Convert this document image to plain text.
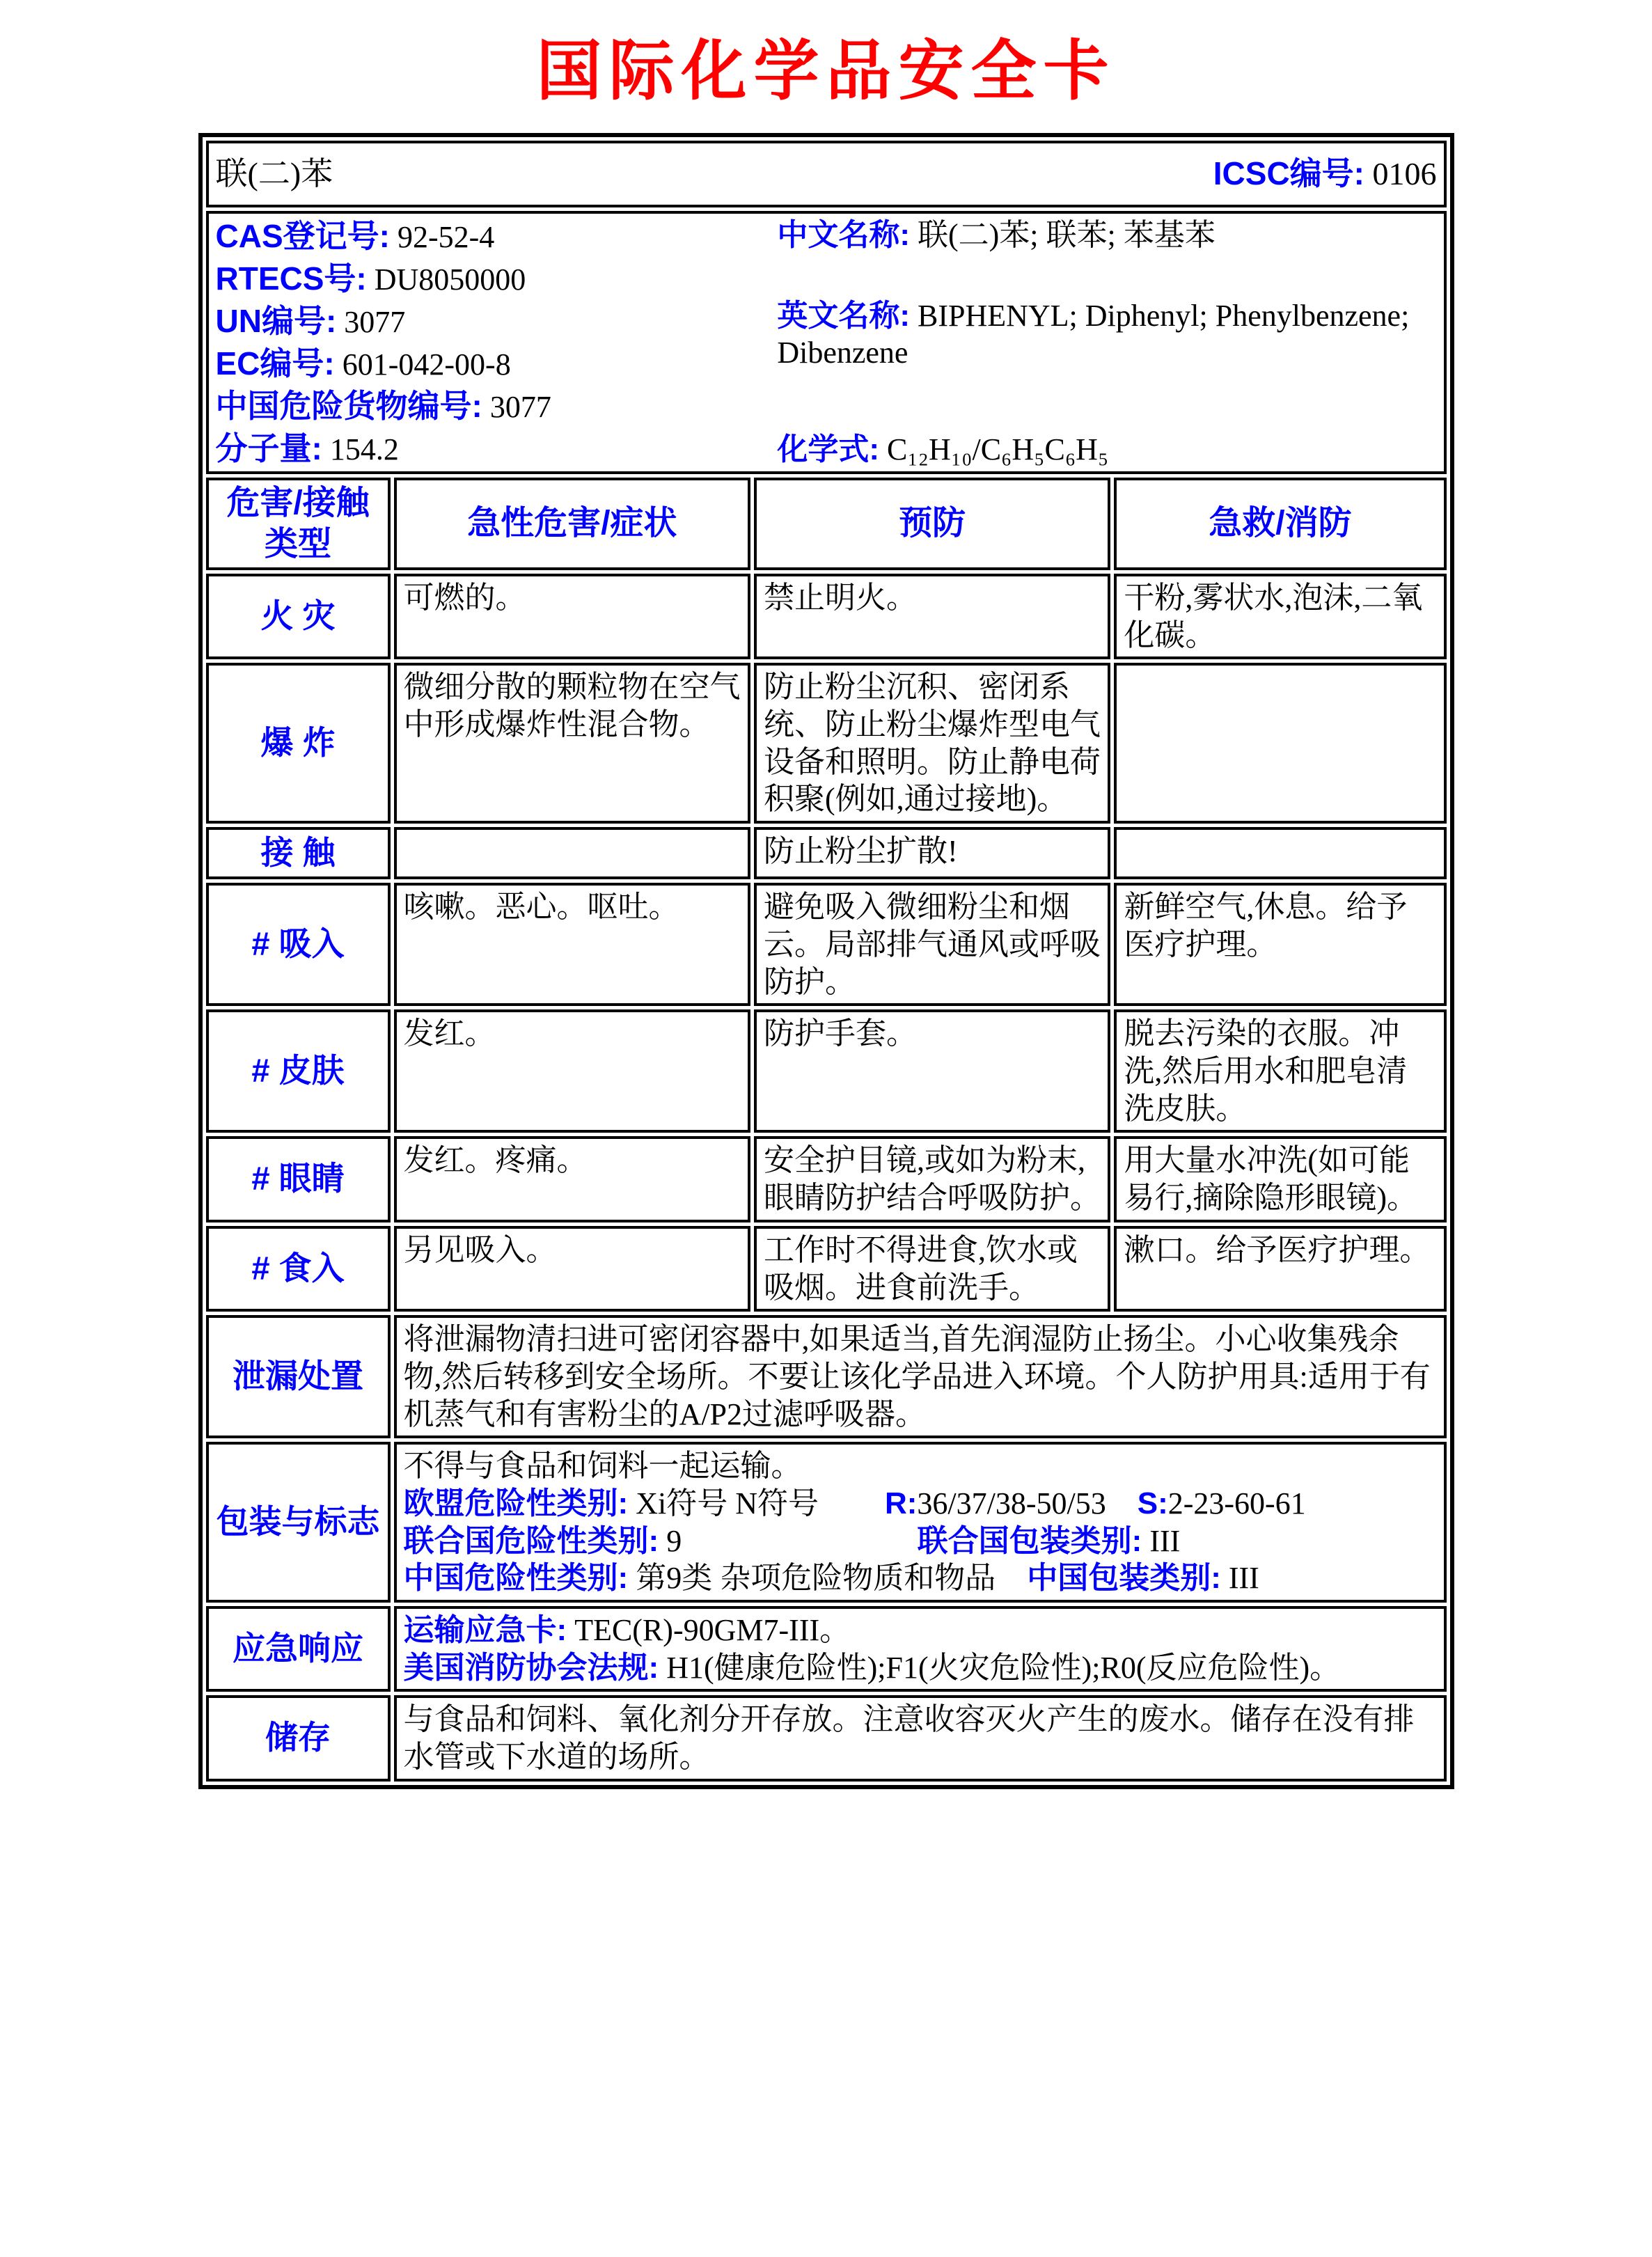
国际化学品安全卡
联(二)苯 ICSC编号: 0106			

CAS登记号: 92-52-4
RTECS号: DU8050000
UN编号: 3077
EC编号: 601-042-00-8
中国危险货物编号: 3077
分子量: 154.2
中文名称: 联(二)苯; 联苯; 苯基苯
英文名称: BIPHENYL; Diphenyl; Phenylbenzene; Dibenzene
化学式: C₁₂H₁₀/C₆H₅C₆H₅

危害/接触
类型	急性危害/症状	预防	急救/消防
火 灾	可燃的。	禁止明火。	干粉,雾状水,泡沫,二氧化碳。
爆 炸	微细分散的颗粒物在空气中形成爆炸性混合物。	防止粉尘沉积、密闭系统、防止粉尘爆炸型电气设备和照明。防止静电荷积聚(例如,通过接地)。	
接 触		防止粉尘扩散!	
# 吸入	咳嗽。恶心。呕吐。	避免吸入微细粉尘和烟云。局部排气通风或呼吸防护。	新鲜空气,休息。给予医疗护理。
# 皮肤	发红。	防护手套。	脱去污染的衣服。冲洗,然后用水和肥皂清洗皮肤。
# 眼睛	发红。疼痛。	安全护目镜,或如为粉末,眼睛防护结合呼吸防护。	用大量水冲洗(如可能易行,摘除隐形眼镜)。
# 食入	另见吸入。	工作时不得进食,饮水或吸烟。进食前洗手。	漱口。给予医疗护理。
泄漏处置	将泄漏物清扫进可密闭容器中,如果适当,首先润湿防止扬尘。小心收集残余物,然后转移到安全场所。不要让该化学品进入环境。个人防护用具:适用于有机蒸气和有害粉尘的A/P2过滤呼吸器。		
包装与标志	不得与食品和饲料一起运输。
欧盟危险性类别: Xi符号 N符号 R:36/37/38-50/53 S:2-23-60-61
联合国危险性类别: 9 联合国包装类别: III
中国危险性类别: 第9类 杂项危险物质和物品 中国包装类别: III		

应急响应	运输应急卡: TEC(R)-90GM7-III。
美国消防协会法规: H1(健康危险性);F1(火灾危险性);R0(反应危险性)。		

储存	与食品和饲料、氧化剂分开存放。注意收容灭火产生的废水。储存在没有排水管或下水道的场所。		
